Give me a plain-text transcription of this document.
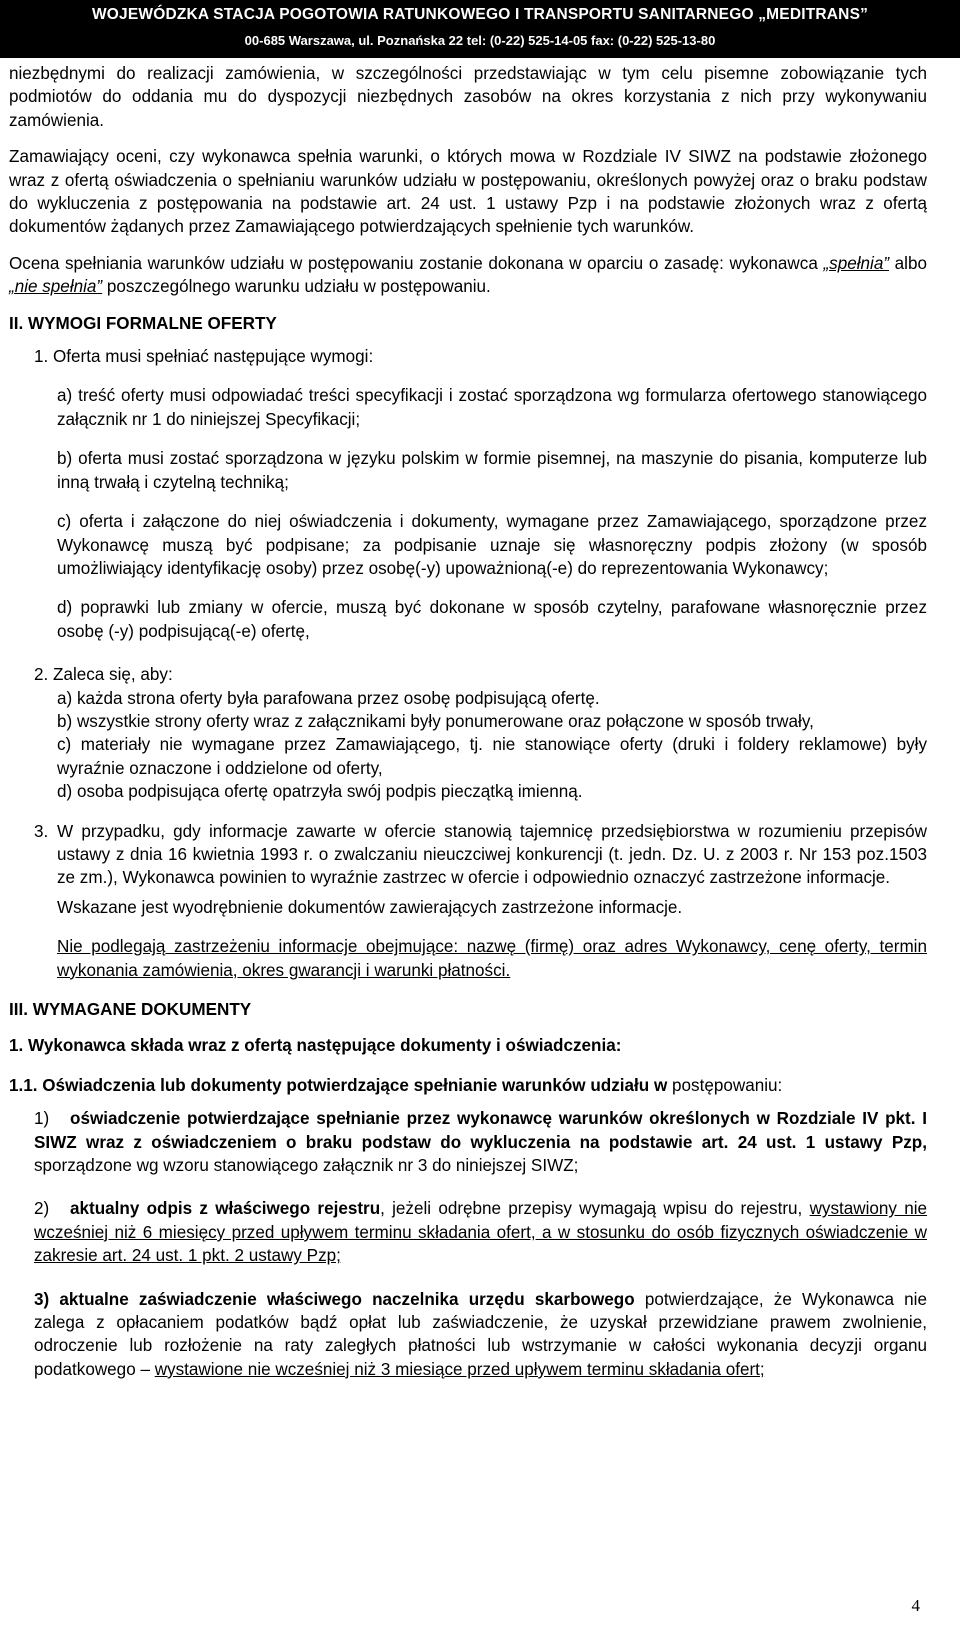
WOJEWÓDZKA STACJA POGOTOWIA RATUNKOWEGO I TRANSPORTU SANITARNEGO „MEDITRANS”
00-685 Warszawa, ul. Poznańska 22 tel: (0-22) 525-14-05 fax: (0-22) 525-13-80

niezbędnymi do realizacji zamówienia, w szczególności przedstawiając w tym celu pisemne zobowiązanie tych podmiotów do oddania mu do dyspozycji niezbędnych zasobów na okres korzystania z nich przy wykonywaniu zamówienia.

Zamawiający oceni, czy wykonawca spełnia warunki, o których mowa w Rozdziale IV SIWZ na podstawie złożonego wraz z ofertą oświadczenia o spełnianiu warunków udziału w postępowaniu, określonych powyżej oraz o braku podstaw do wykluczenia z postępowania na podstawie art. 24 ust. 1 ustawy Pzp i na podstawie złożonych wraz z ofertą dokumentów żądanych przez Zamawiającego potwierdzających spełnienie tych warunków.

Ocena spełniania warunków udziału w postępowaniu zostanie dokonana w oparciu o zasadę: wykonawca „spełnia” albo „nie spełnia” poszczególnego warunku udziału w postępowaniu.

II. WYMOGI FORMALNE OFERTY

1. Oferta musi spełniać następujące wymogi:

a) treść oferty musi odpowiadać treści specyfikacji i zostać sporządzona wg formularza ofertowego stanowiącego załącznik nr 1 do niniejszej Specyfikacji;

b) oferta musi zostać sporządzona w języku polskim w formie pisemnej, na maszynie do pisania, komputerze lub inną trwałą i czytelną techniką;

c) oferta i załączone do niej oświadczenia i dokumenty, wymagane przez Zamawiającego, sporządzone przez Wykonawcę muszą być podpisane; za podpisanie uznaje się własnoręczny podpis złożony (w sposób umożliwiający identyfikację osoby) przez osobę(-y) upoważnioną(-e) do reprezentowania Wykonawcy;

d) poprawki lub zmiany w ofercie, muszą być dokonane w sposób czytelny, parafowane własnoręcznie przez osobę (-y) podpisującą(-e) ofertę,

2. Zaleca się, aby:

a) każda strona oferty była parafowana przez osobę podpisującą ofertę.

b) wszystkie strony oferty wraz z załącznikami były ponumerowane oraz połączone w sposób trwały,

c) materiały nie wymagane przez Zamawiającego, tj. nie stanowiące oferty (druki i foldery reklamowe) były wyraźnie oznaczone i oddzielone od oferty,

d) osoba podpisująca ofertę opatrzyła swój podpis pieczątką imienną.

3. W przypadku, gdy informacje zawarte w ofercie stanowią tajemnicę przedsiębiorstwa w rozumieniu przepisów ustawy z dnia 16 kwietnia 1993 r. o zwalczaniu nieuczciwej konkurencji (t. jedn. Dz. U. z 2003 r. Nr 153 poz.1503 ze zm.), Wykonawca powinien to wyraźnie zastrzec w ofercie i odpowiednio oznaczyć zastrzeżone informacje.

Wskazane jest wyodrębnienie dokumentów zawierających zastrzeżone informacje.

Nie podlegają zastrzeżeniu informacje obejmujące: nazwę (firmę) oraz adres Wykonawcy, cenę oferty, termin wykonania zamówienia, okres gwarancji i warunki płatności.

III. WYMAGANE DOKUMENTY

1. Wykonawca składa wraz z ofertą następujące dokumenty i oświadczenia:

1.1. Oświadczenia lub dokumenty potwierdzające spełnianie warunków udziału w postępowaniu:

1)	oświadczenie potwierdzające spełnianie przez wykonawcę warunków określonych w Rozdziale IV pkt. I SIWZ wraz z oświadczeniem o braku podstaw do wykluczenia na podstawie art. 24 ust. 1 ustawy Pzp, sporządzone wg wzoru stanowiącego załącznik nr 3 do niniejszej SIWZ;

2)	aktualny odpis z właściwego rejestru, jeżeli odrębne przepisy wymagają wpisu do rejestru, wystawiony nie wcześniej niż 6 miesięcy przed upływem terminu składania ofert, a w stosunku do osób fizycznych oświadczenie w zakresie art. 24 ust. 1 pkt. 2 ustawy Pzp;

3) aktualne zaświadczenie właściwego naczelnika urzędu skarbowego potwierdzające, że Wykonawca nie zalega z opłacaniem podatków bądź opłat lub zaświadczenie, że uzyskał przewidziane prawem zwolnienie, odroczenie lub rozłożenie na raty zaległych płatności lub wstrzymanie w całości wykonania decyzji organu podatkowego – wystawione nie wcześniej niż 3 miesiące przed upływem terminu składania ofert;

4
